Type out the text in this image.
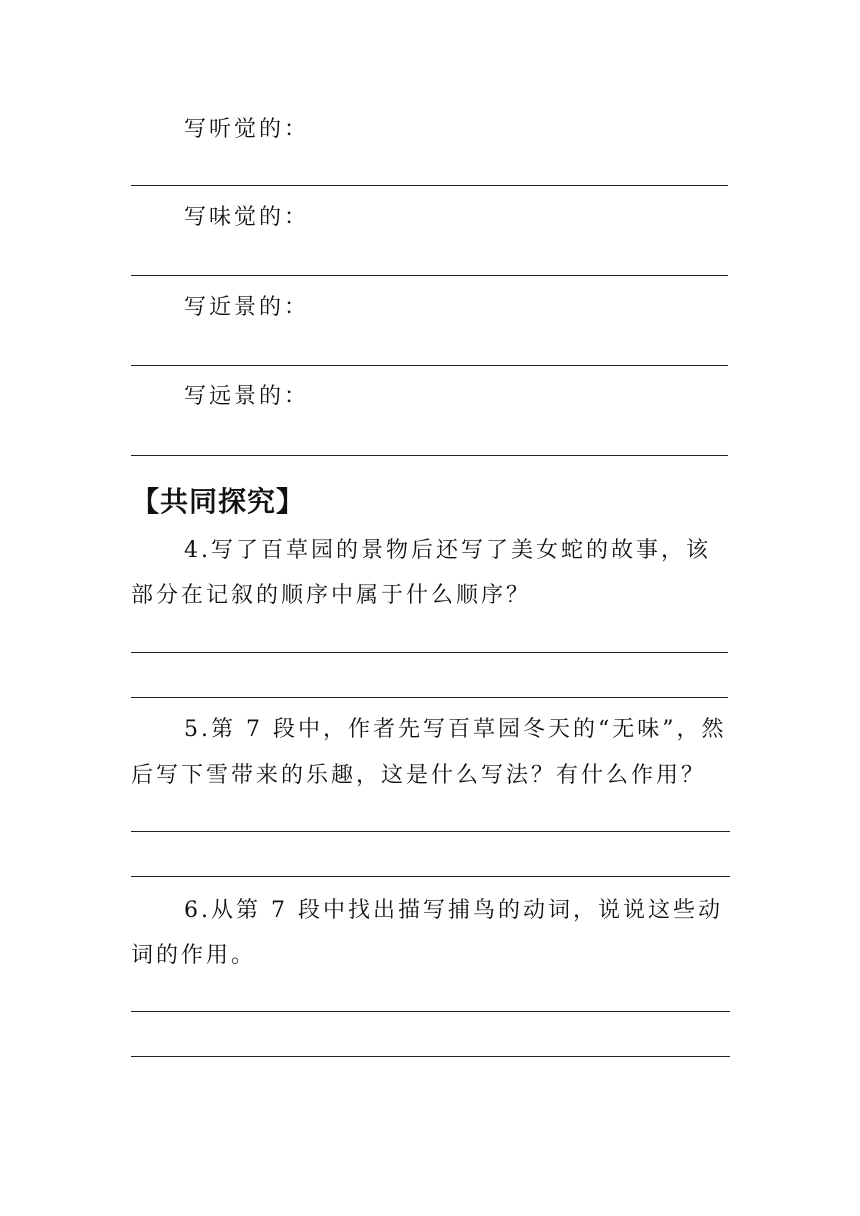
写听觉的：
写味觉的：
写近景的：
写远景的：
【共同探究】
4.写了百草园的景物后还写了美女蛇的故事，该
部分在记叙的顺序中属于什么顺序？
5.第 7 段中，作者先写百草园冬天的“无味”，然
后写下雪带来的乐趣，这是什么写法？有什么作用？
6.从第 7 段中找出描写捕鸟的动词，说说这些动
词的作用。
